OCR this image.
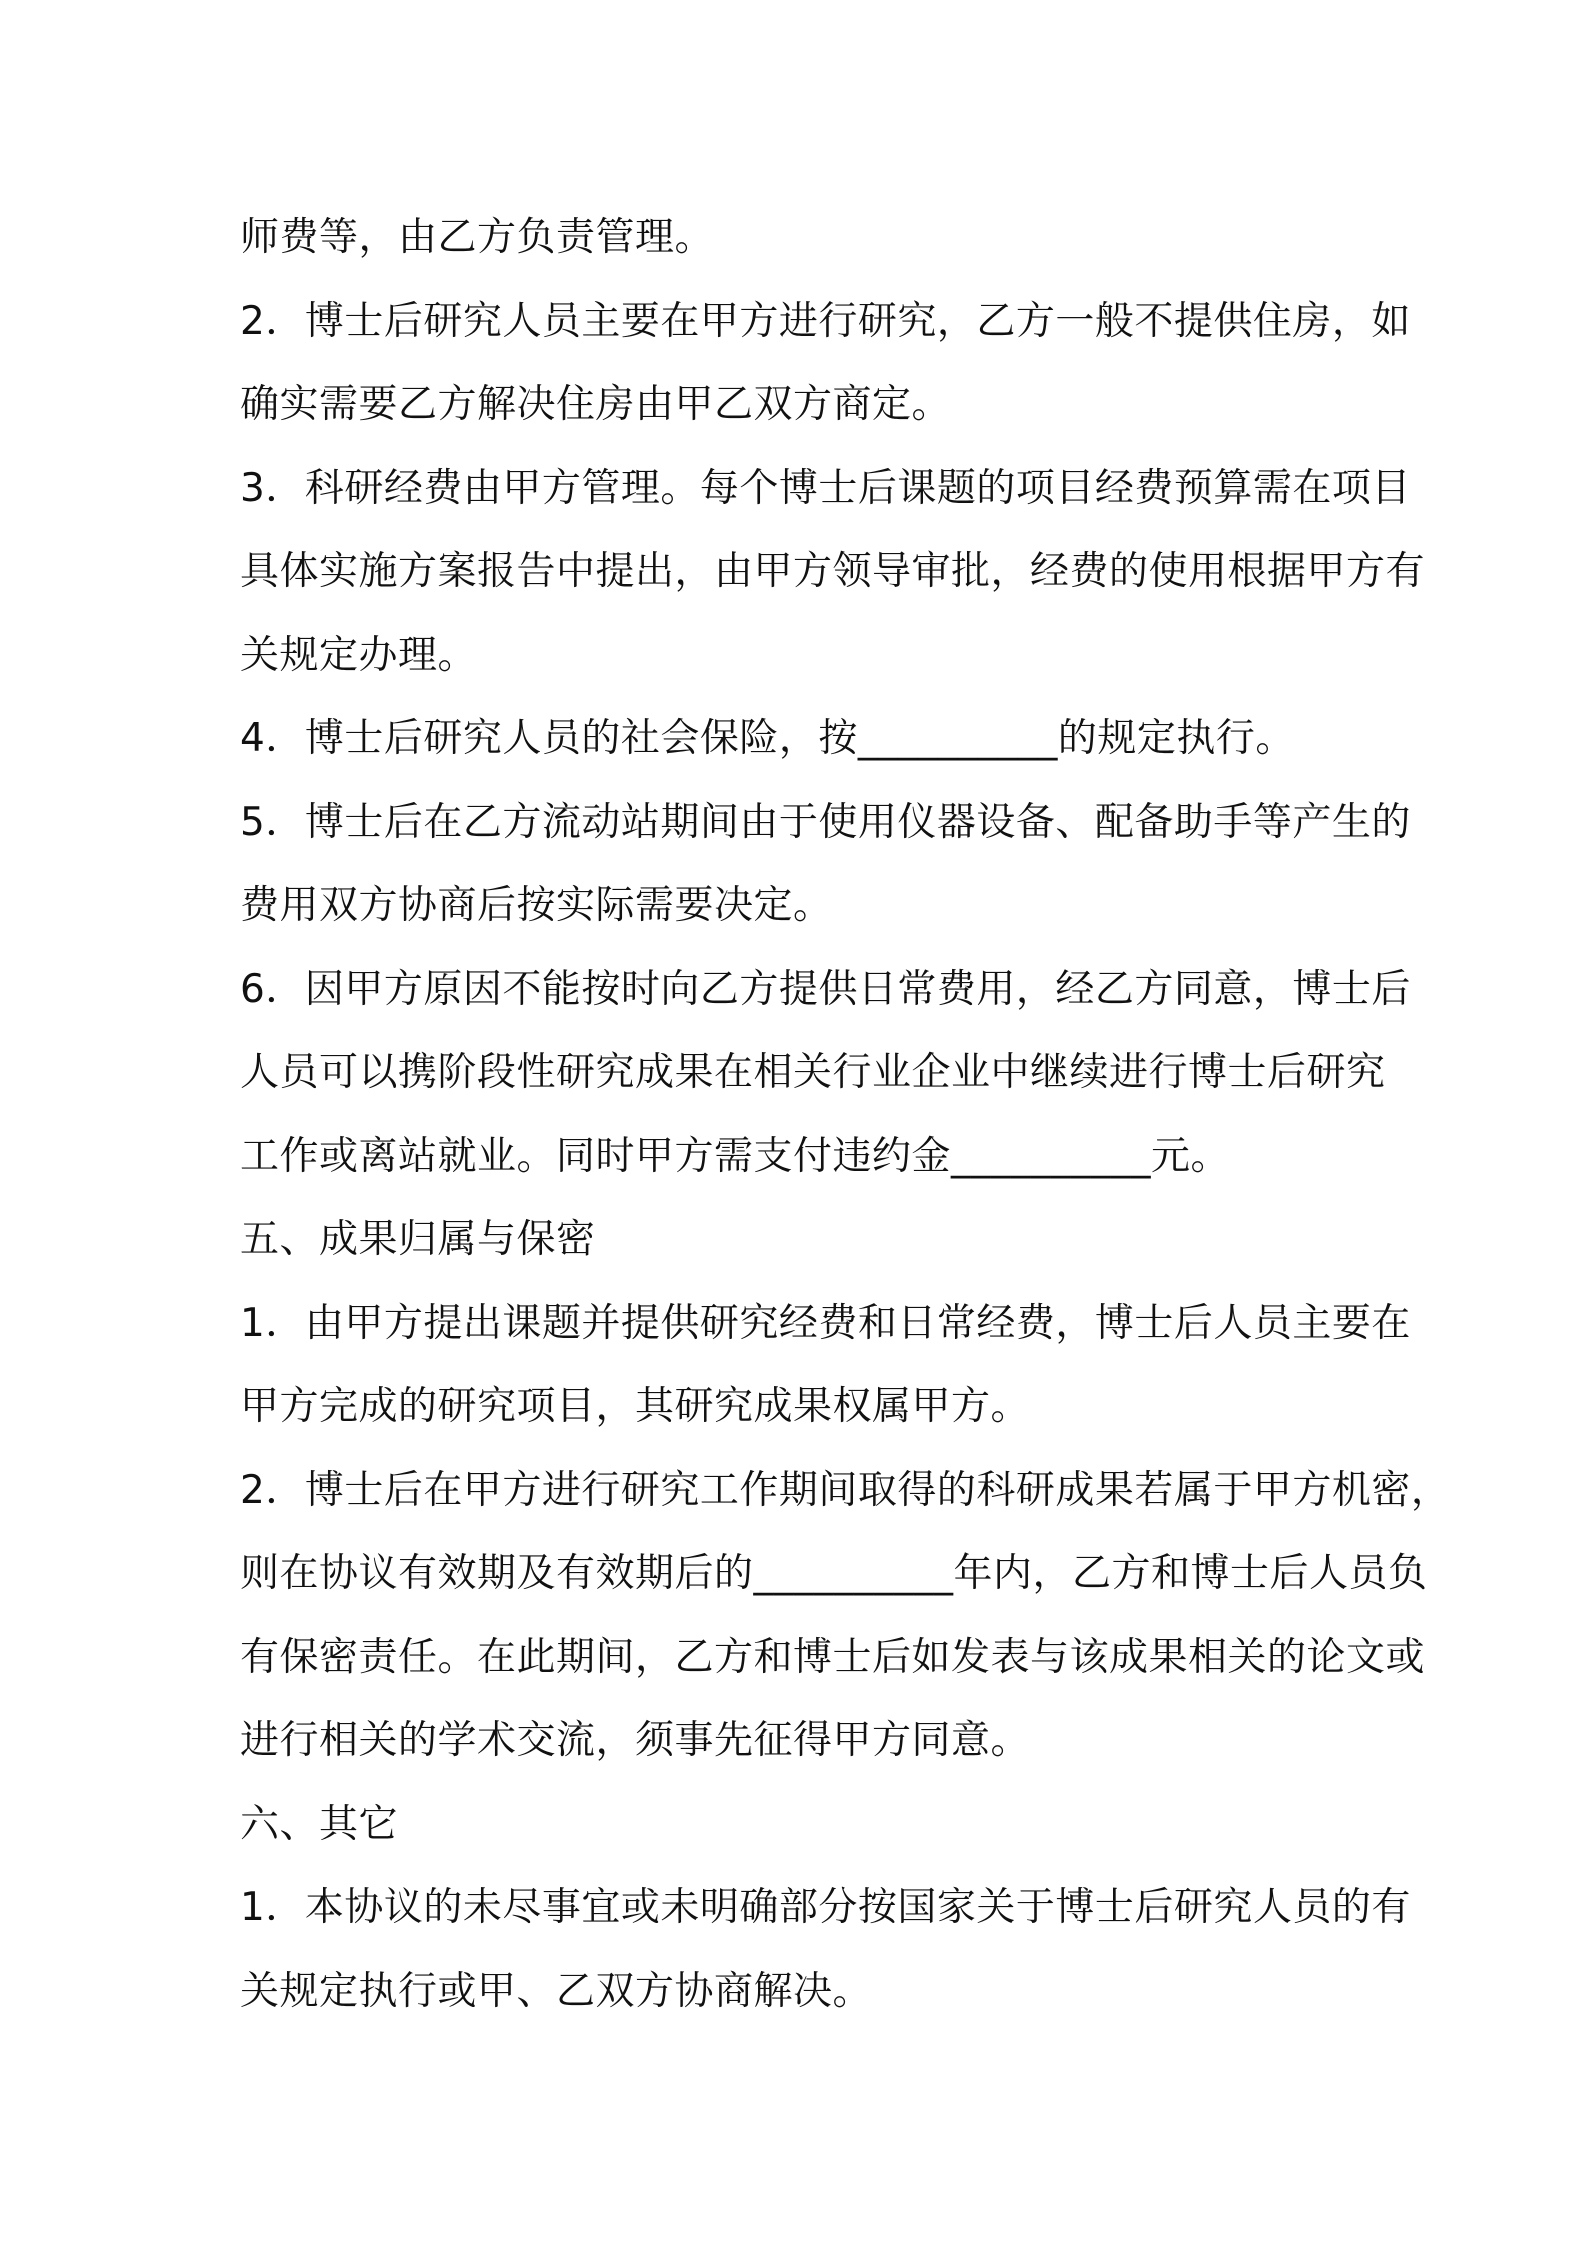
师费等，由乙方负责管理。
2．博士后研究人员主要在甲方进行研究，乙方一般不提供住房，如
确实需要乙方解决住房由甲乙双方商定。
3．科研经费由甲方管理。每个博士后课题的项目经费预算需在项目
具体实施方案报告中提出，由甲方领导审批，经费的使用根据甲方有
关规定办理。
4．博士后研究人员的社会保险，按__________的规定执行。
5．博士后在乙方流动站期间由于使用仪器设备、配备助手等产生的
费用双方协商后按实际需要决定。
6．因甲方原因不能按时向乙方提供日常费用，经乙方同意，博士后
人员可以携阶段性研究成果在相关行业企业中继续进行博士后研究
工作或离站就业。同时甲方需支付违约金__________元。
五、成果归属与保密
1．由甲方提出课题并提供研究经费和日常经费，博士后人员主要在
甲方完成的研究项目，其研究成果权属甲方。
2．博士后在甲方进行研究工作期间取得的科研成果若属于甲方机密，
则在协议有效期及有效期后的__________年内，乙方和博士后人员负
有保密责任。在此期间，乙方和博士后如发表与该成果相关的论文或
进行相关的学术交流，须事先征得甲方同意。
六、其它
1．本协议的未尽事宜或未明确部分按国家关于博士后研究人员的有
关规定执行或甲、乙双方协商解决。
